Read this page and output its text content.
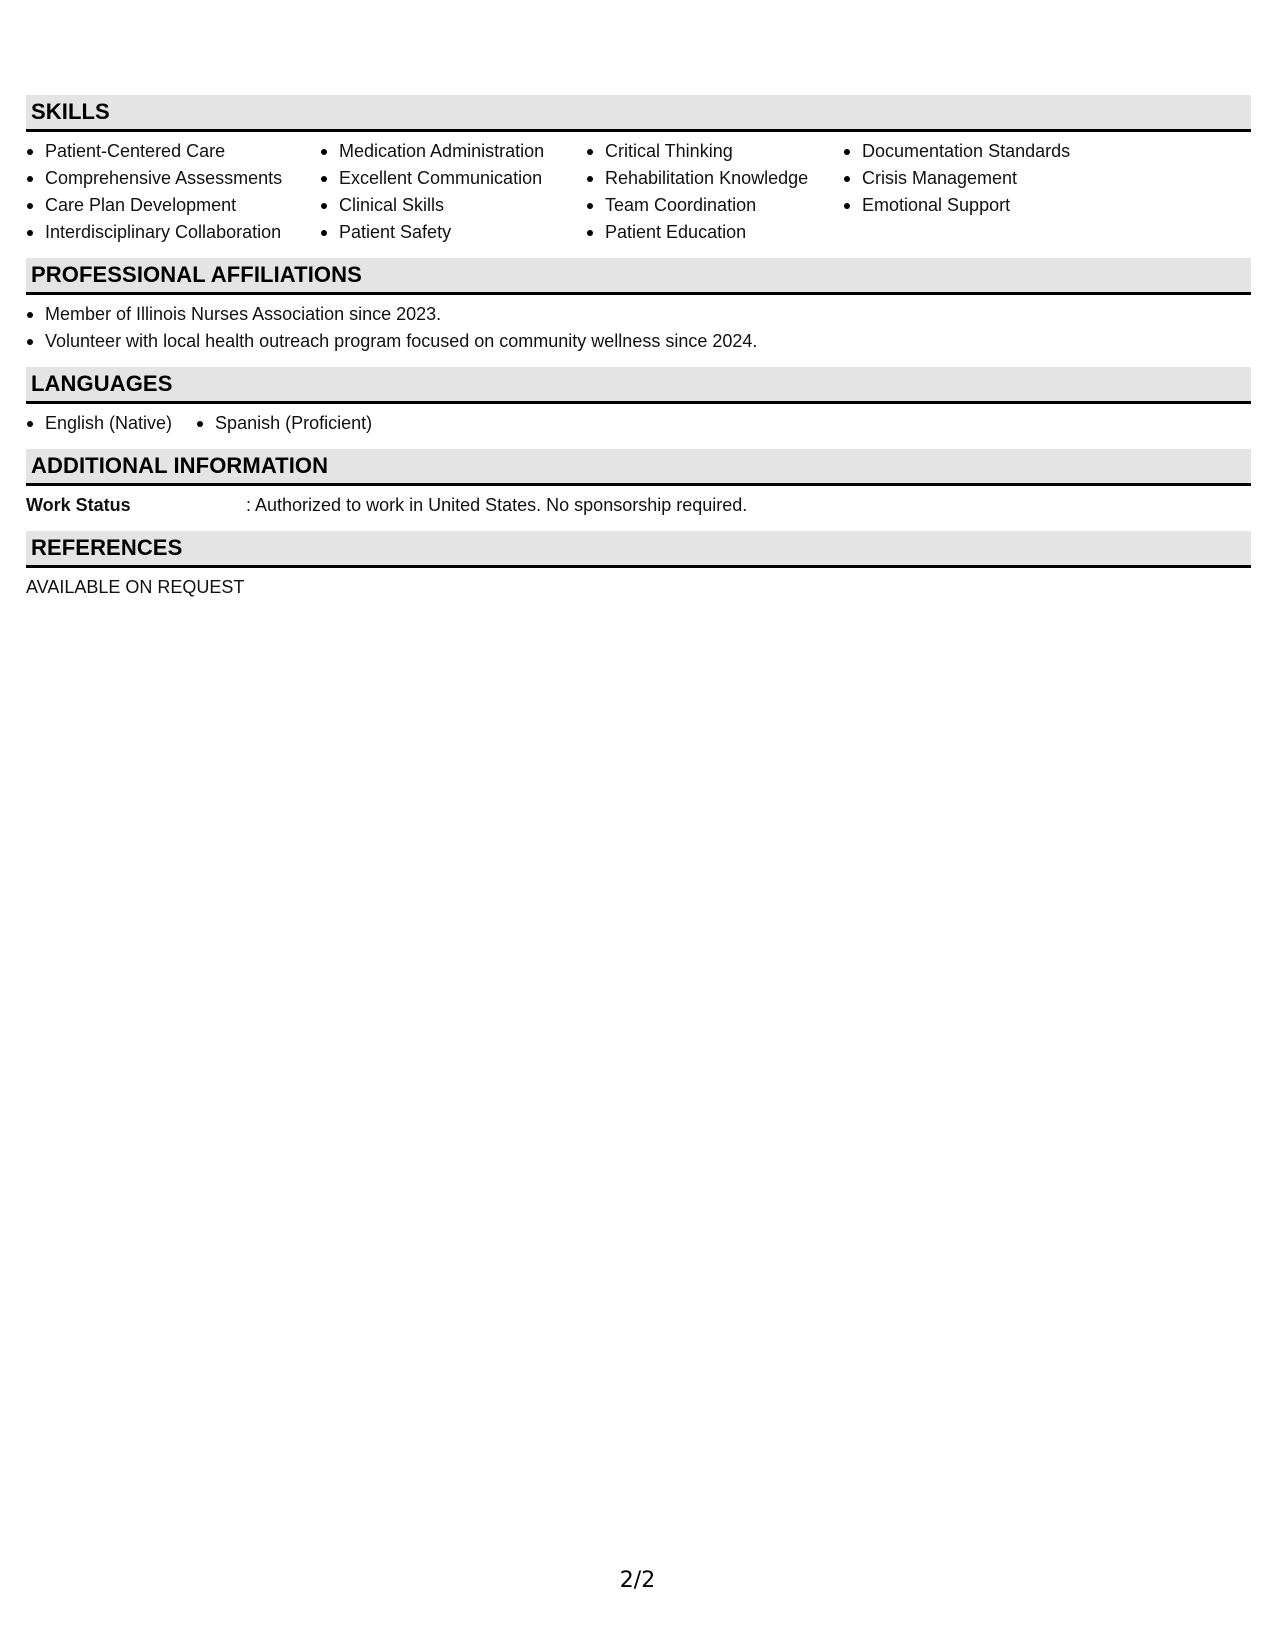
SKILLS
Patient-Centered Care
Comprehensive Assessments
Care Plan Development
Interdisciplinary Collaboration
Medication Administration
Excellent Communication
Clinical Skills
Patient Safety
Critical Thinking
Rehabilitation Knowledge
Team Coordination
Patient Education
Documentation Standards
Crisis Management
Emotional Support
PROFESSIONAL AFFILIATIONS
Member of Illinois Nurses Association since 2023.
Volunteer with local health outreach program focused on community wellness since 2024.
LANGUAGES
English (Native)	Spanish (Proficient)
ADDITIONAL INFORMATION
Work Status	: Authorized to work in United States. No sponsorship required.
REFERENCES
AVAILABLE ON REQUEST
2/2
